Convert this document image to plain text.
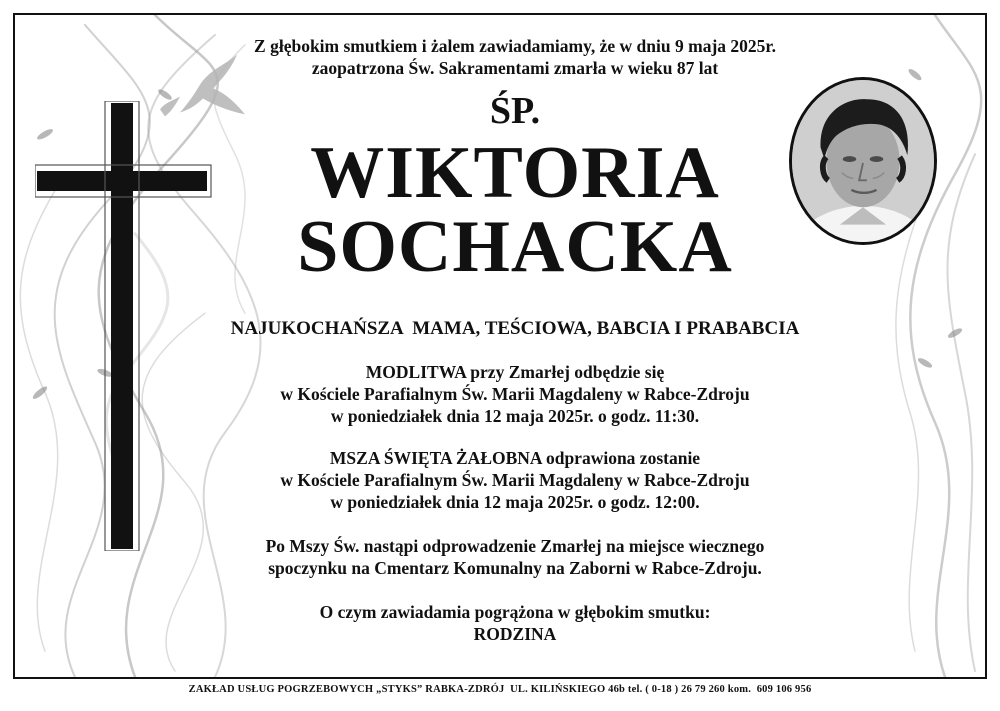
Z głębokim smutkiem i żalem zawiadamiamy, że w dniu 9 maja 2025r.
zaopatrzona Św. Sakramentami zmarła w wieku 87 lat
ŚP.
WIKTORIA
SOCHACKA
NAJUKOCHAŃSZA  MAMA, TEŚCIOWA, BABCIA I PRABABCIA
MODLITWA przy Zmarłej odbędzie się
w Kościele Parafialnym Św. Marii Magdaleny w Rabce-Zdroju
w poniedziałek dnia 12 maja 2025r. o godz. 11:30.
MSZA ŚWIĘTA ŻAŁOBNA odprawiona zostanie
w Kościele Parafialnym Św. Marii Magdaleny w Rabce-Zdroju
w poniedziałek dnia 12 maja 2025r. o godz. 12:00.
Po Mszy Św. nastąpi odprowadzenie Zmarłej na miejsce wiecznego
spoczynku na Cmentarz Komunalny na Zaborni w Rabce-Zdroju.
O czym zawiadamia pogrążona w głębokim smutku:
RODZINA
ZAKŁAD USŁUG POGRZEBOWYCH „STYKS” RABKA-ZDRÓJ  UL. KILIŃSKIEGO 46b tel. ( 0-18 ) 26 79 260 kom.  609 106 956
